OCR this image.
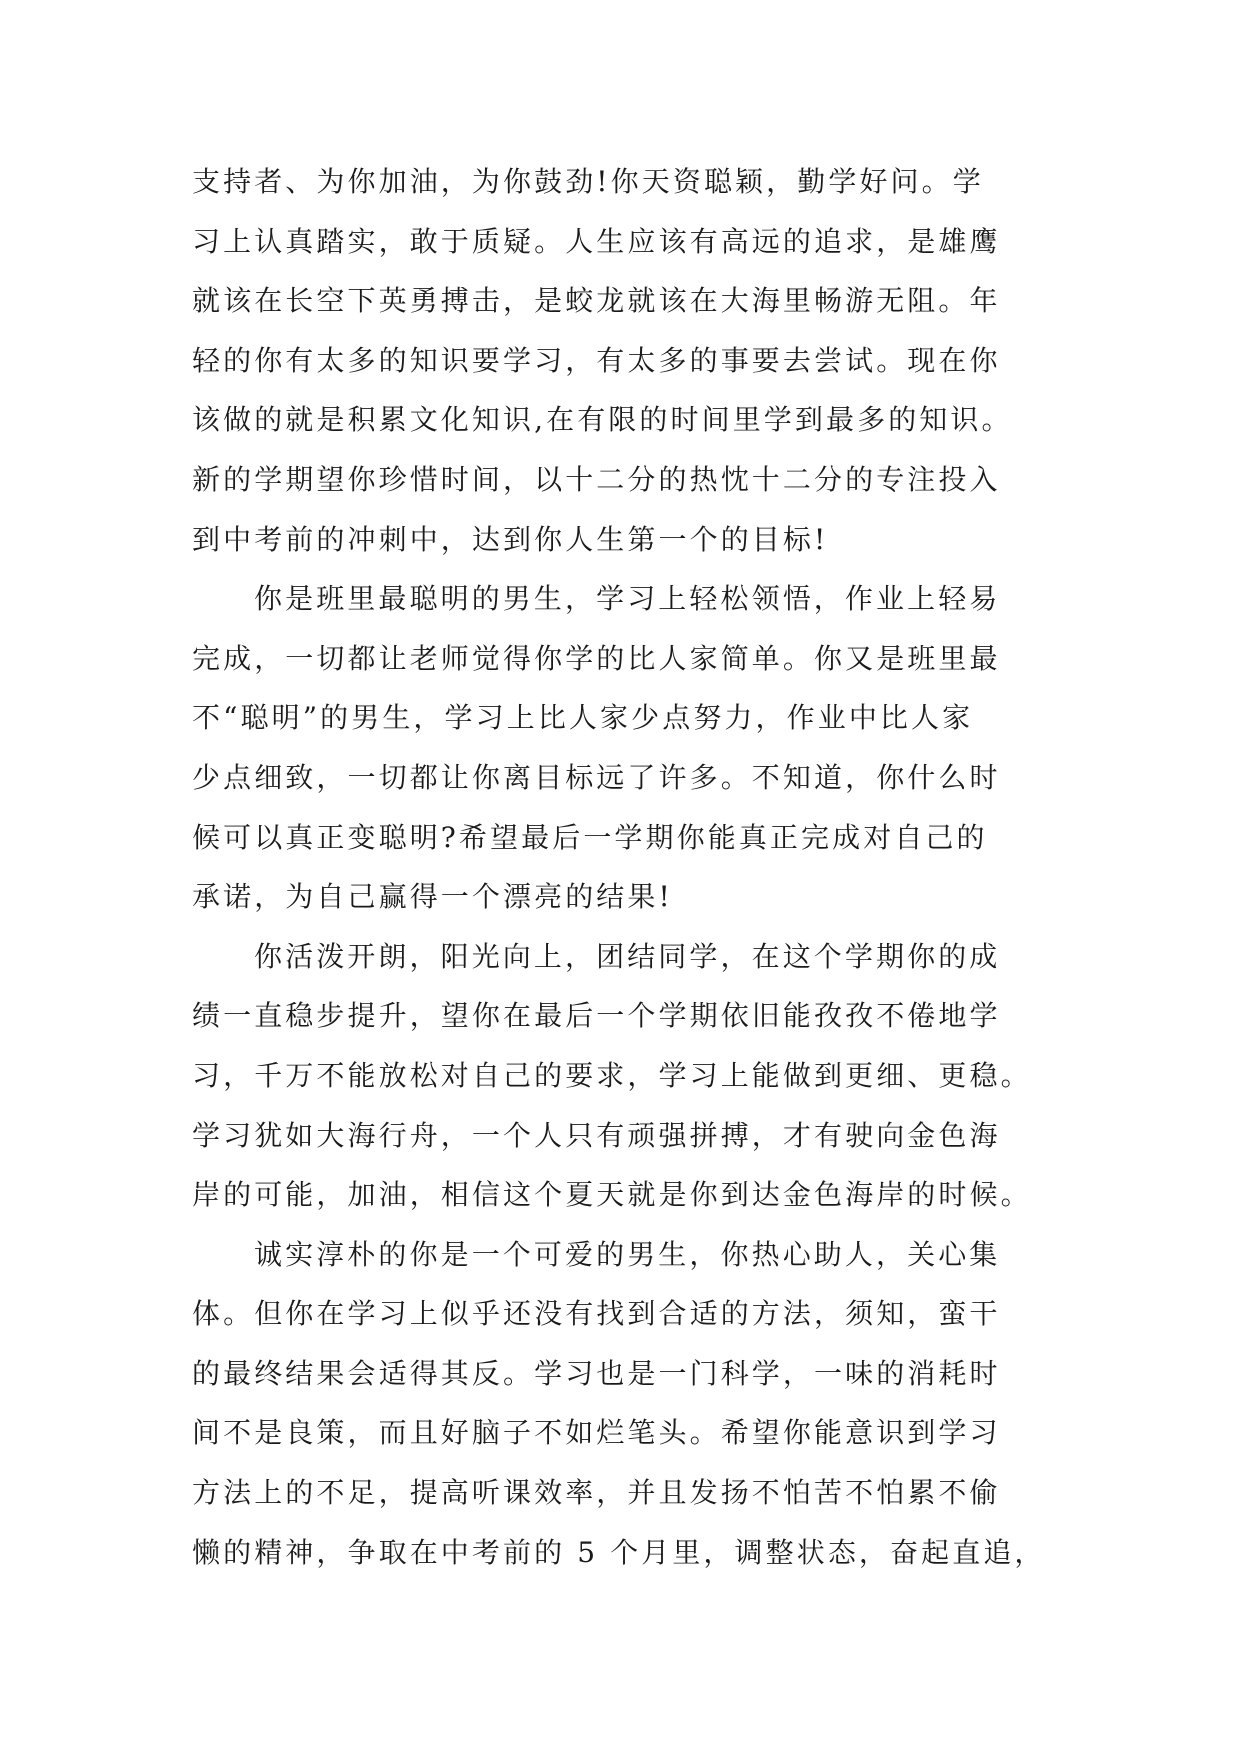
支持者、为你加油，为你鼓劲!你天资聪颖，勤学好问。学
习上认真踏实，敢于质疑。人生应该有高远的追求，是雄鹰
就该在长空下英勇搏击，是蛟龙就该在大海里畅游无阻。年
轻的你有太多的知识要学习，有太多的事要去尝试。现在你
该做的就是积累文化知识,在有限的时间里学到最多的知识。
新的学期望你珍惜时间，以十二分的热忱十二分的专注投入
到中考前的冲刺中，达到你人生第一个的目标!
你是班里最聪明的男生，学习上轻松领悟，作业上轻易
完成，一切都让老师觉得你学的比人家简单。你又是班里最
不“聪明”的男生，学习上比人家少点努力，作业中比人家
少点细致，一切都让你离目标远了许多。不知道，你什么时
候可以真正变聪明?希望最后一学期你能真正完成对自己的
承诺，为自己赢得一个漂亮的结果!
你活泼开朗，阳光向上，团结同学，在这个学期你的成
绩一直稳步提升，望你在最后一个学期依旧能孜孜不倦地学
习，千万不能放松对自己的要求，学习上能做到更细、更稳。
学习犹如大海行舟，一个人只有顽强拼搏，才有驶向金色海
岸的可能，加油，相信这个夏天就是你到达金色海岸的时候。
诚实淳朴的你是一个可爱的男生，你热心助人，关心集
体。但你在学习上似乎还没有找到合适的方法，须知，蛮干
的最终结果会适得其反。学习也是一门科学，一味的消耗时
间不是良策，而且好脑子不如烂笔头。希望你能意识到学习
方法上的不足，提高听课效率，并且发扬不怕苦不怕累不偷
懒的精神，争取在中考前的 5 个月里，调整状态，奋起直追，
